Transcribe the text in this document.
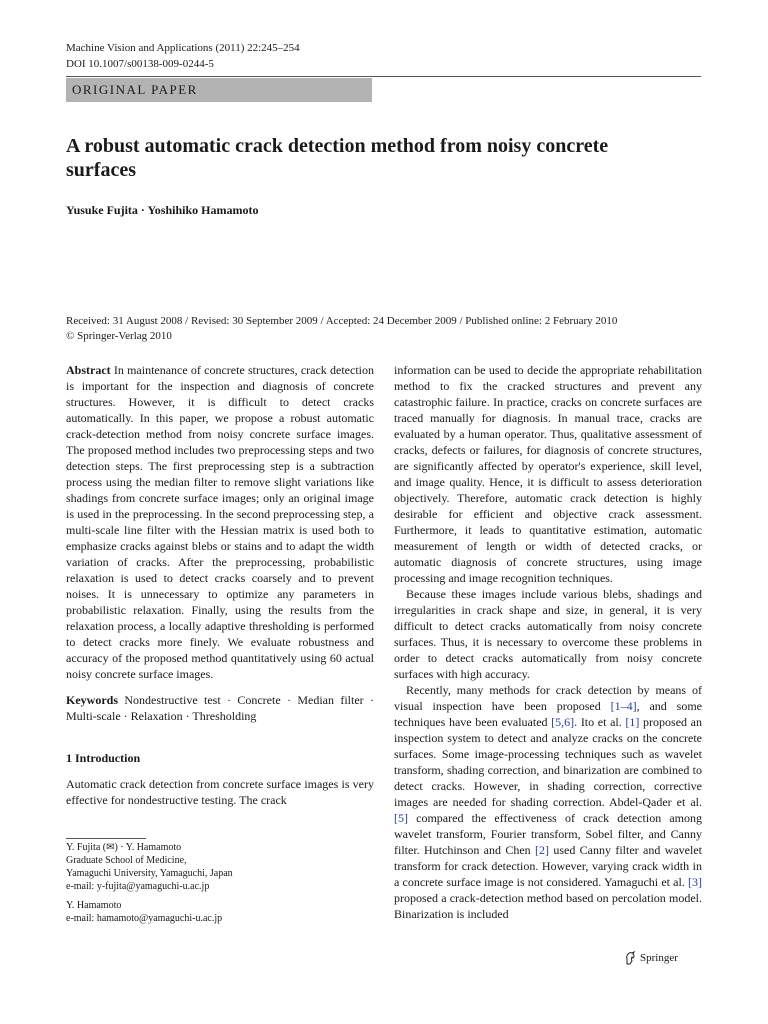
Machine Vision and Applications (2011) 22:245–254
DOI 10.1007/s00138-009-0244-5
ORIGINAL PAPER
A robust automatic crack detection method from noisy concrete surfaces
Yusuke Fujita · Yoshihiko Hamamoto
Received: 31 August 2008 / Revised: 30 September 2009 / Accepted: 24 December 2009 / Published online: 2 February 2010
© Springer-Verlag 2010

Abstract In maintenance of concrete structures, crack detection is important for the inspection and diagnosis of concrete structures. However, it is difficult to detect cracks automatically. In this paper, we propose a robust automatic crack-detection method from noisy concrete surface images. The proposed method includes two preprocessing steps and two detection steps. The first preprocessing step is a subtraction process using the median filter to remove slight variations like shadings from concrete surface images; only an original image is used in the preprocessing. In the second preprocessing step, a multi-scale line filter with the Hessian matrix is used both to emphasize cracks against blebs or stains and to adapt the width variation of cracks. After the preprocessing, probabilistic relaxation is used to detect cracks coarsely and to prevent noises. It is unnecessary to optimize any parameters in probabilistic relaxation. Finally, using the results from the relaxation process, a locally adaptive thresholding is performed to detect cracks more finely. We evaluate robustness and accuracy of the proposed method quantitatively using 60 actual noisy concrete surface images.

Keywords Nondestructive test · Concrete · Median filter · Multi-scale · Relaxation · Thresholding

1 Introduction

Automatic crack detection from concrete surface images is very effective for nondestructive testing. The crack

Y. Fujita (✉) · Y. Hamamoto

Graduate School of Medicine,

Yamaguchi University, Yamaguchi, Japan

e-mail: y-fujita@yamaguchi-u.ac.jp

Y. Hamamoto

e-mail: hamamoto@yamaguchi-u.ac.jp

information can be used to decide the appropriate rehabilitation method to fix the cracked structures and prevent any catastrophic failure. In practice, cracks on concrete surfaces are traced manually for diagnosis. In manual trace, cracks are evaluated by a human operator. Thus, qualitative assessment of cracks, defects or failures, for diagnosis of concrete structures, are significantly affected by operator's experience, skill level, and image quality. Hence, it is difficult to assess deterioration objectively. Therefore, automatic crack detection is highly desirable for efficient and objective crack assessment. Furthermore, it leads to quantitative estimation, automatic measurement of length or width of detected cracks, or automatic diagnosis of concrete structures, using image processing and image recognition techniques.

Because these images include various blebs, shadings and irregularities in crack shape and size, in general, it is very difficult to detect cracks automatically from noisy concrete surfaces. Thus, it is necessary to overcome these problems in order to detect cracks automatically from noisy concrete surfaces with high accuracy.

Recently, many methods for crack detection by means of visual inspection have been proposed [1–4], and some techniques have been evaluated [5,6]. Ito et al. [1] proposed an inspection system to detect and analyze cracks on the concrete surfaces. Some image-processing techniques such as wavelet transform, shading correction, and binarization are combined to detect cracks. However, in shading correction, corrective images are needed for shading correction. Abdel-Qader et al. [5] compared the effectiveness of crack detection among wavelet transform, Fourier transform, Sobel filter, and Canny filter. Hutchinson and Chen [2] used Canny filter and wavelet transform for crack detection. However, varying crack width in a concrete surface image is not considered. Yamaguchi et al. [3] proposed a crack-detection method based on percolation model. Binarization is included

Springer
